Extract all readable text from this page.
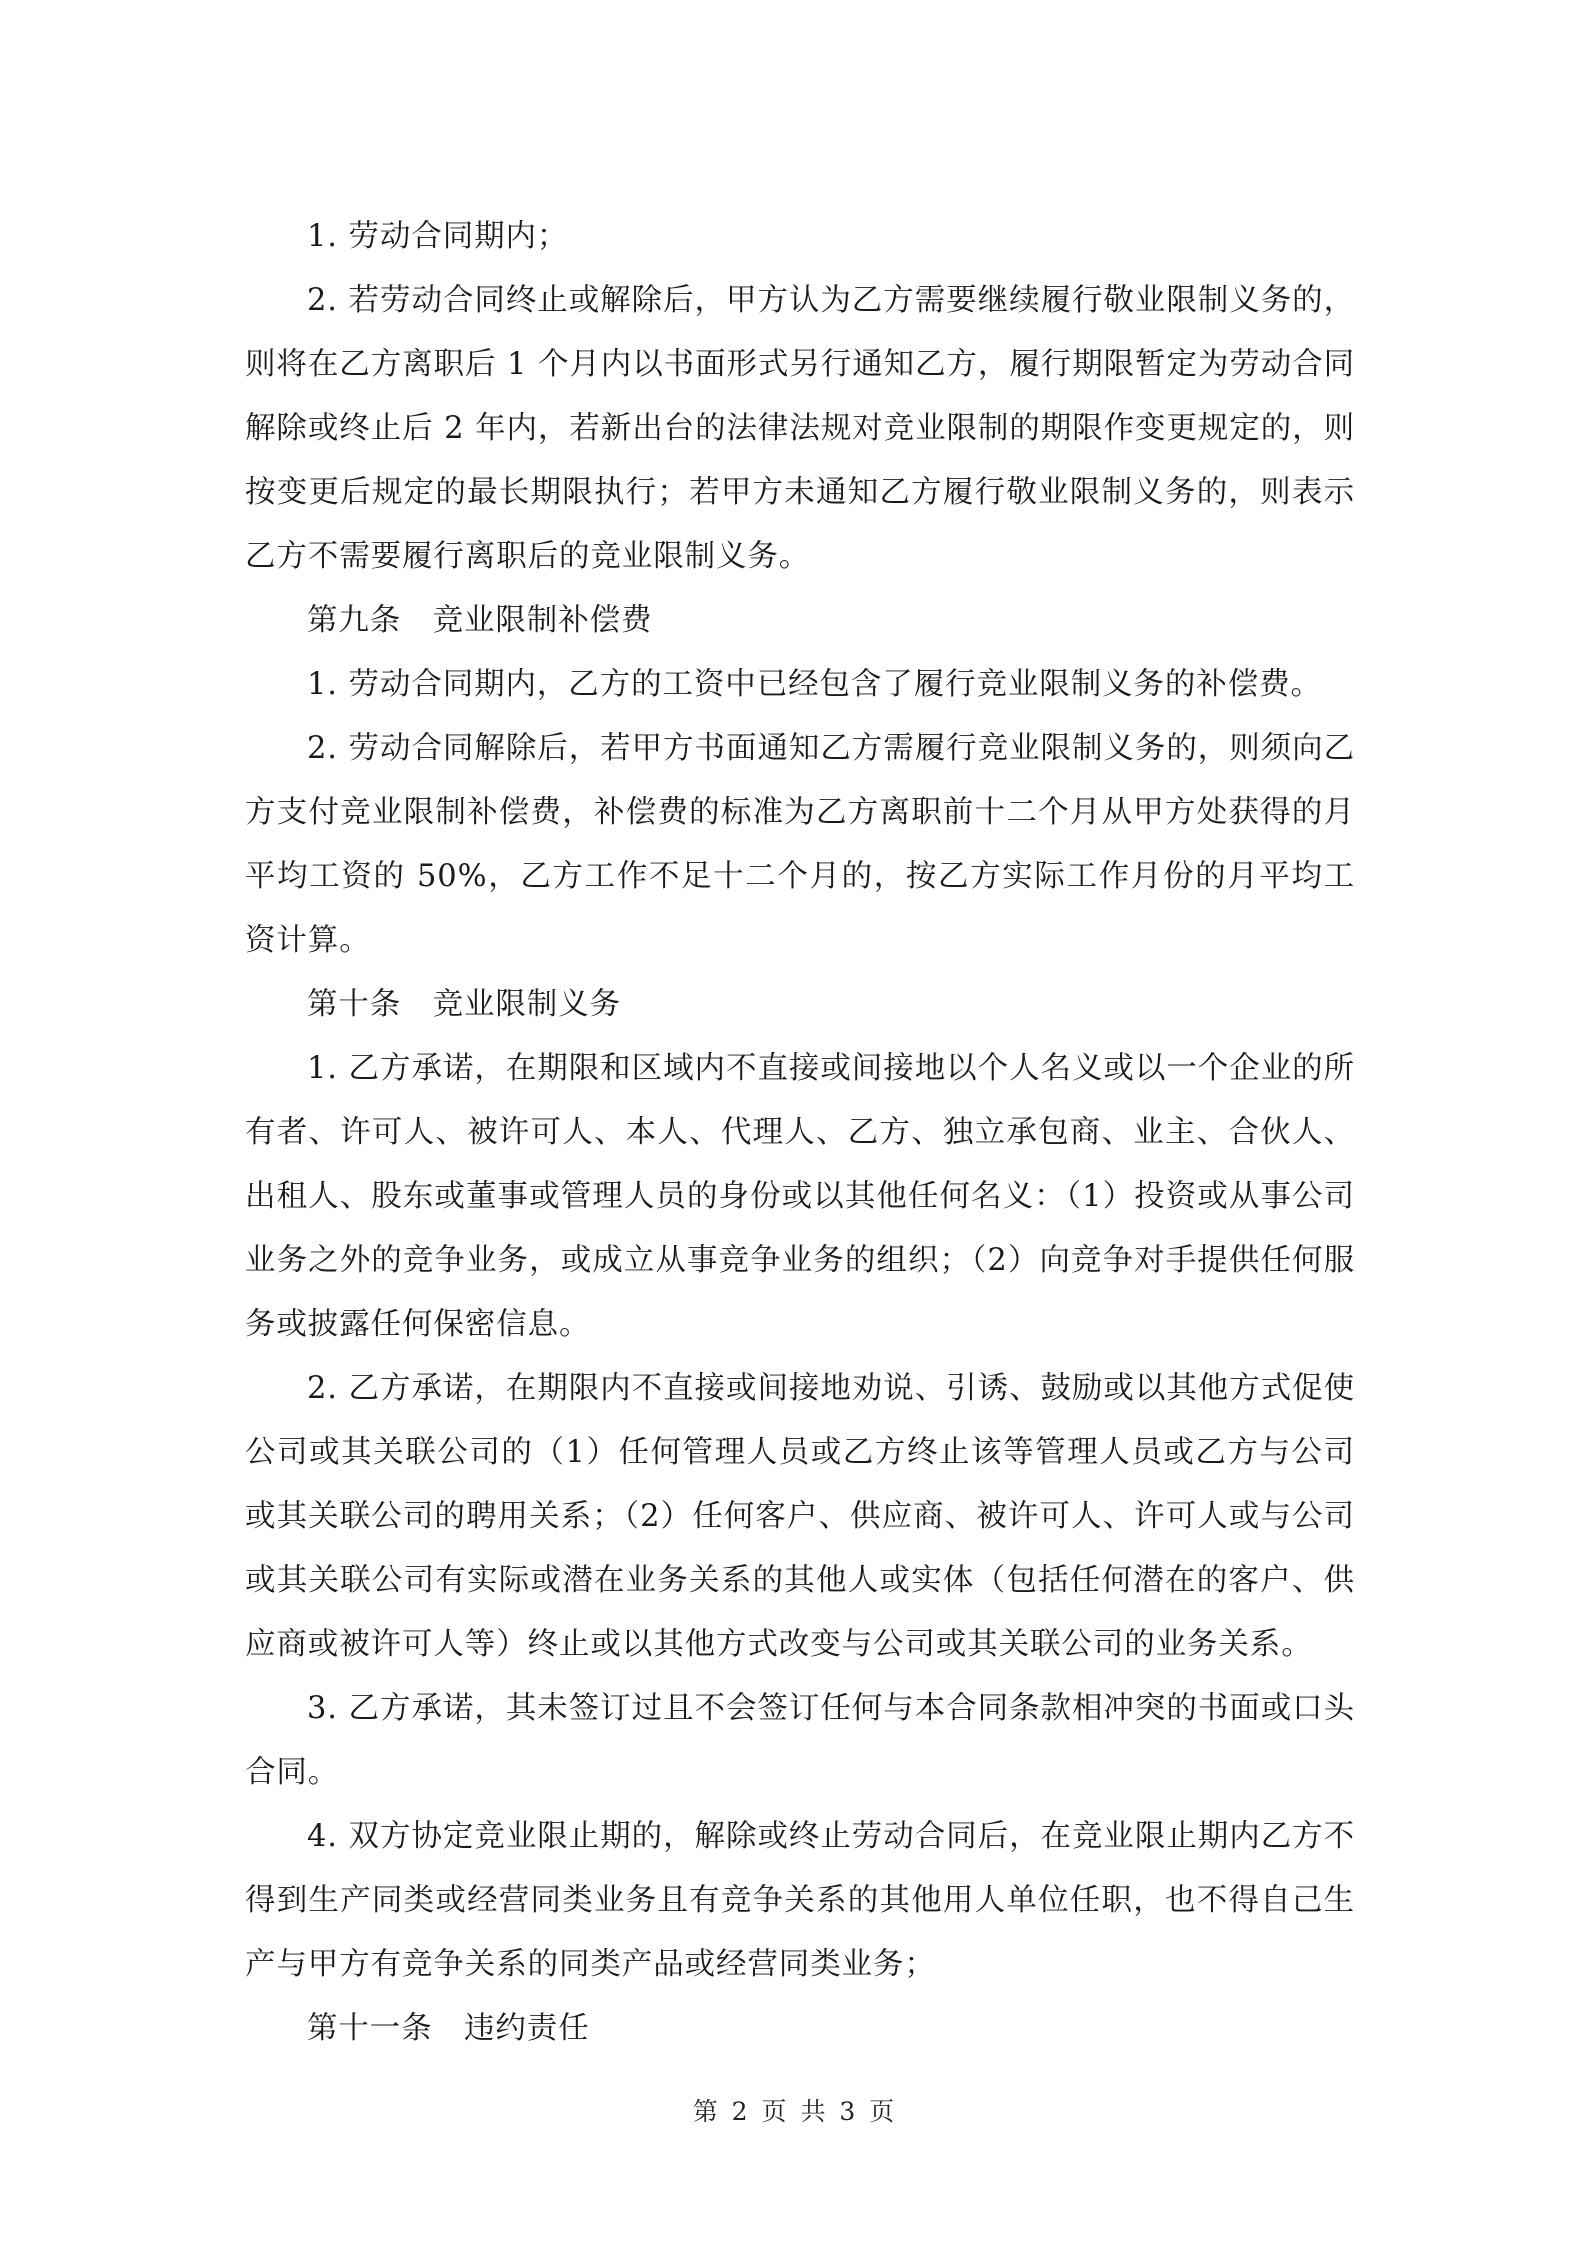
1. 劳动合同期内；

2. 若劳动合同终止或解除后，甲方认为乙方需要继续履行敬业限制义务的，则将在乙方离职后 1 个月内以书面形式另行通知乙方，履行期限暂定为劳动合同解除或终止后 2 年内，若新出台的法律法规对竞业限制的期限作变更规定的，则按变更后规定的最长期限执行；若甲方未通知乙方履行敬业限制义务的，则表示乙方不需要履行离职后的竞业限制义务。

第九条　竞业限制补偿费

1. 劳动合同期内，乙方的工资中已经包含了履行竞业限制义务的补偿费。

2. 劳动合同解除后，若甲方书面通知乙方需履行竞业限制义务的，则须向乙方支付竞业限制补偿费，补偿费的标准为乙方离职前十二个月从甲方处获得的月平均工资的 50%，乙方工作不足十二个月的，按乙方实际工作月份的月平均工资计算。

第十条　竞业限制义务

1. 乙方承诺，在期限和区域内不直接或间接地以个人名义或以一个企业的所有者、许可人、被许可人、本人、代理人、乙方、独立承包商、业主、合伙人、出租人、股东或董事或管理人员的身份或以其他任何名义：（1）投资或从事公司业务之外的竞争业务，或成立从事竞争业务的组织；（2）向竞争对手提供任何服务或披露任何保密信息。

2. 乙方承诺，在期限内不直接或间接地劝说、引诱、鼓励或以其他方式促使公司或其关联公司的（1）任何管理人员或乙方终止该等管理人员或乙方与公司或其关联公司的聘用关系；（2）任何客户、供应商、被许可人、许可人或与公司或其关联公司有实际或潜在业务关系的其他人或实体（包括任何潜在的客户、供应商或被许可人等）终止或以其他方式改变与公司或其关联公司的业务关系。

3. 乙方承诺，其未签订过且不会签订任何与本合同条款相冲突的书面或口头合同。

4. 双方协定竞业限止期的，解除或终止劳动合同后，在竞业限止期内乙方不得到生产同类或经营同类业务且有竞争关系的其他用人单位任职，也不得自己生产与甲方有竞争关系的同类产品或经营同类业务；

第十一条　违约责任

第 2 页 共 3 页
